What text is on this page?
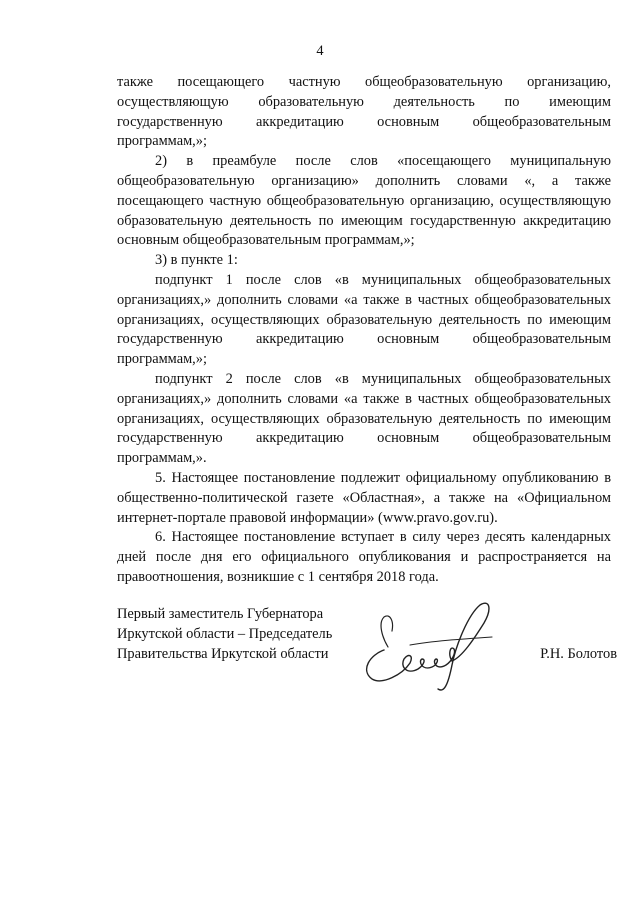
4

также посещающего частную общеобразовательную организацию, осуществляющую образовательную деятельность по имеющим государственную аккредитацию основным общеобразовательным программам,»;

2) в преамбуле после слов «посещающего муниципальную общеобразовательную организацию» дополнить словами «, а также посещающего частную общеобразовательную организацию, осуществляющую образовательную деятельность по имеющим государственную аккредитацию основным общеобразовательным программам,»;

3) в пункте 1:

подпункт 1 после слов «в муниципальных общеобразовательных организациях,» дополнить словами «а также в частных общеобразовательных организациях, осуществляющих образовательную деятельность по имеющим государственную аккредитацию основным общеобразовательным программам,»;

подпункт 2 после слов «в муниципальных общеобразовательных организациях,» дополнить словами «а также в частных общеобразовательных организациях, осуществляющих образовательную деятельность по имеющим государственную аккредитацию основным общеобразовательным программам,».

5. Настоящее постановление подлежит официальному опубликованию в общественно-политической газете «Областная», а также на «Официальном интернет-портале правовой информации» (www.pravo.gov.ru).

6. Настоящее постановление вступает в силу через десять календарных дней после дня его официального опубликования и распространяется на правоотношения, возникшие с 1 сентября 2018 года.

Первый заместитель Губернатора
Иркутской области – Председатель
Правительства Иркутской области	Р.Н. Болотов
